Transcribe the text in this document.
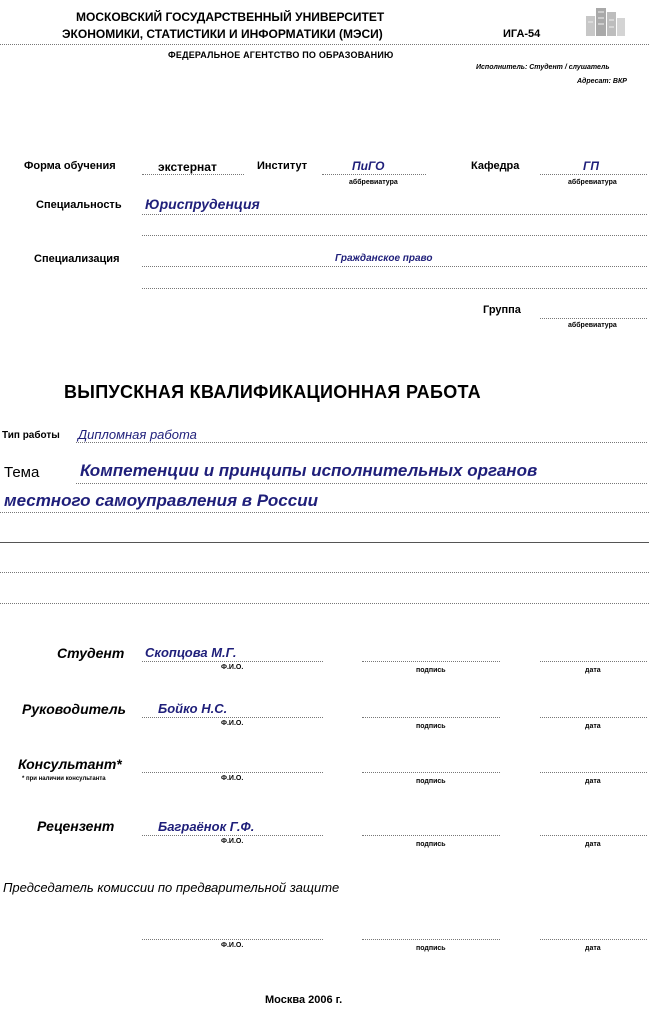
МОСКОВСКИЙ ГОСУДАРСТВЕННЫЙ УНИВЕРСИТЕТ
ЭКОНОМИКИ, СТАТИСТИКИ И ИНФОРМАТИКИ (МЭСИ)	ИГА-54
ФЕДЕРАЛЬНОЕ АГЕНТСТВО ПО ОБРАЗОВАНИЮ
Исполнитель: Студент / слушатель
Адресат: ВКР
Форма обучения	экстернат	Институт	ПиГО
аббревиатура
Кафедра	ГП
аббревиатура
Специальность Юриспруденция
Специализация	Гражданское право
Группа
аббревиатура
ВЫПУСКНАЯ КВАЛИФИКАЦИОННАЯ РАБОТА
Тип работы Дипломная работа
Тема Компетенции и принципы исполнительных органов
местного самоуправления в России
Студент Скопцова М.Г.
Ф.И.О.	подпись	дата
Руководитель Бойко Н.С.
Ф.И.О.	подпись	дата
Консультант*
* при наличии консультанта	Ф.И.О.	подпись	дата
Рецензент	Баграёнок Г.Ф.
Ф.И.О.	подпись	дата
Председатель комиссии по предварительной защите
Ф.И.О.	подпись	дата
Москва 2006 г.
